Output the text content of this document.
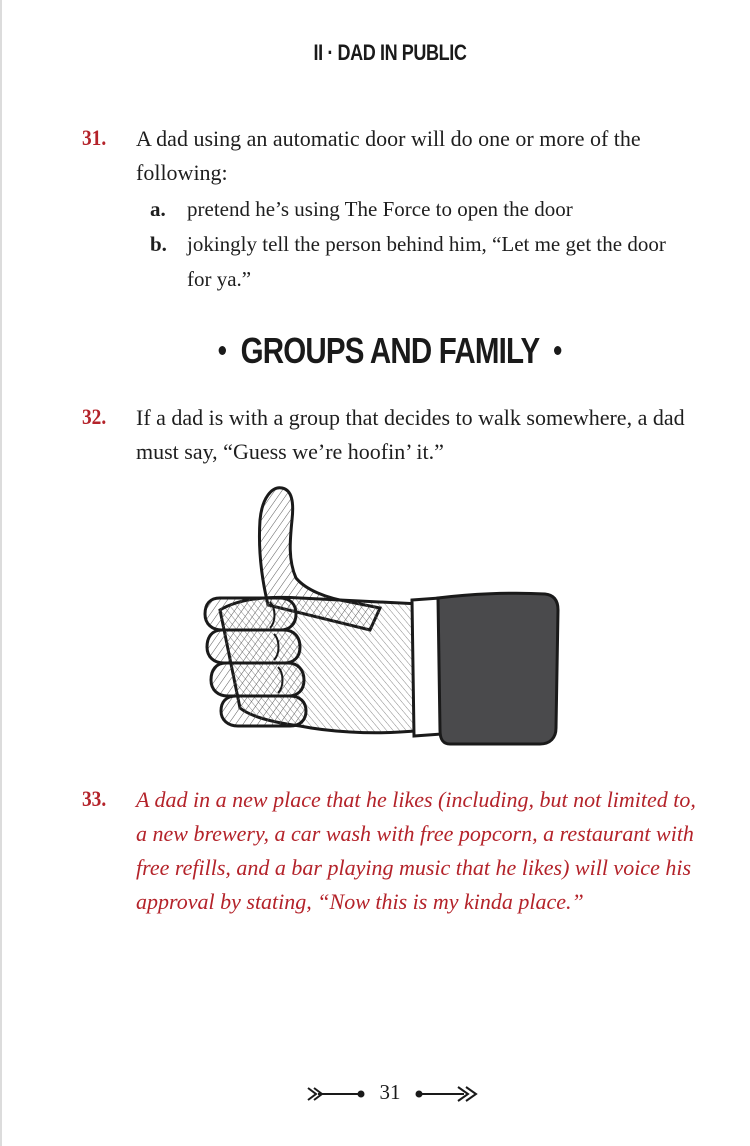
II · DAD IN PUBLIC
31. A dad using an automatic door will do one or more of the following:
a. pretend he’s using The Force to open the door
b. jokingly tell the person behind him, “Let me get the door for ya.”
GROUPS AND FAMILY
32. If a dad is with a group that decides to walk somewhere, a dad must say, “Guess we’re hoofin’ it.”
33. A dad in a new place that he likes (including, but not limited to, a new brewery, a car wash with free popcorn, a restaurant with free refills, and a bar playing music that he likes) will voice his approval by stating, “Now this is my kinda place.”
31
